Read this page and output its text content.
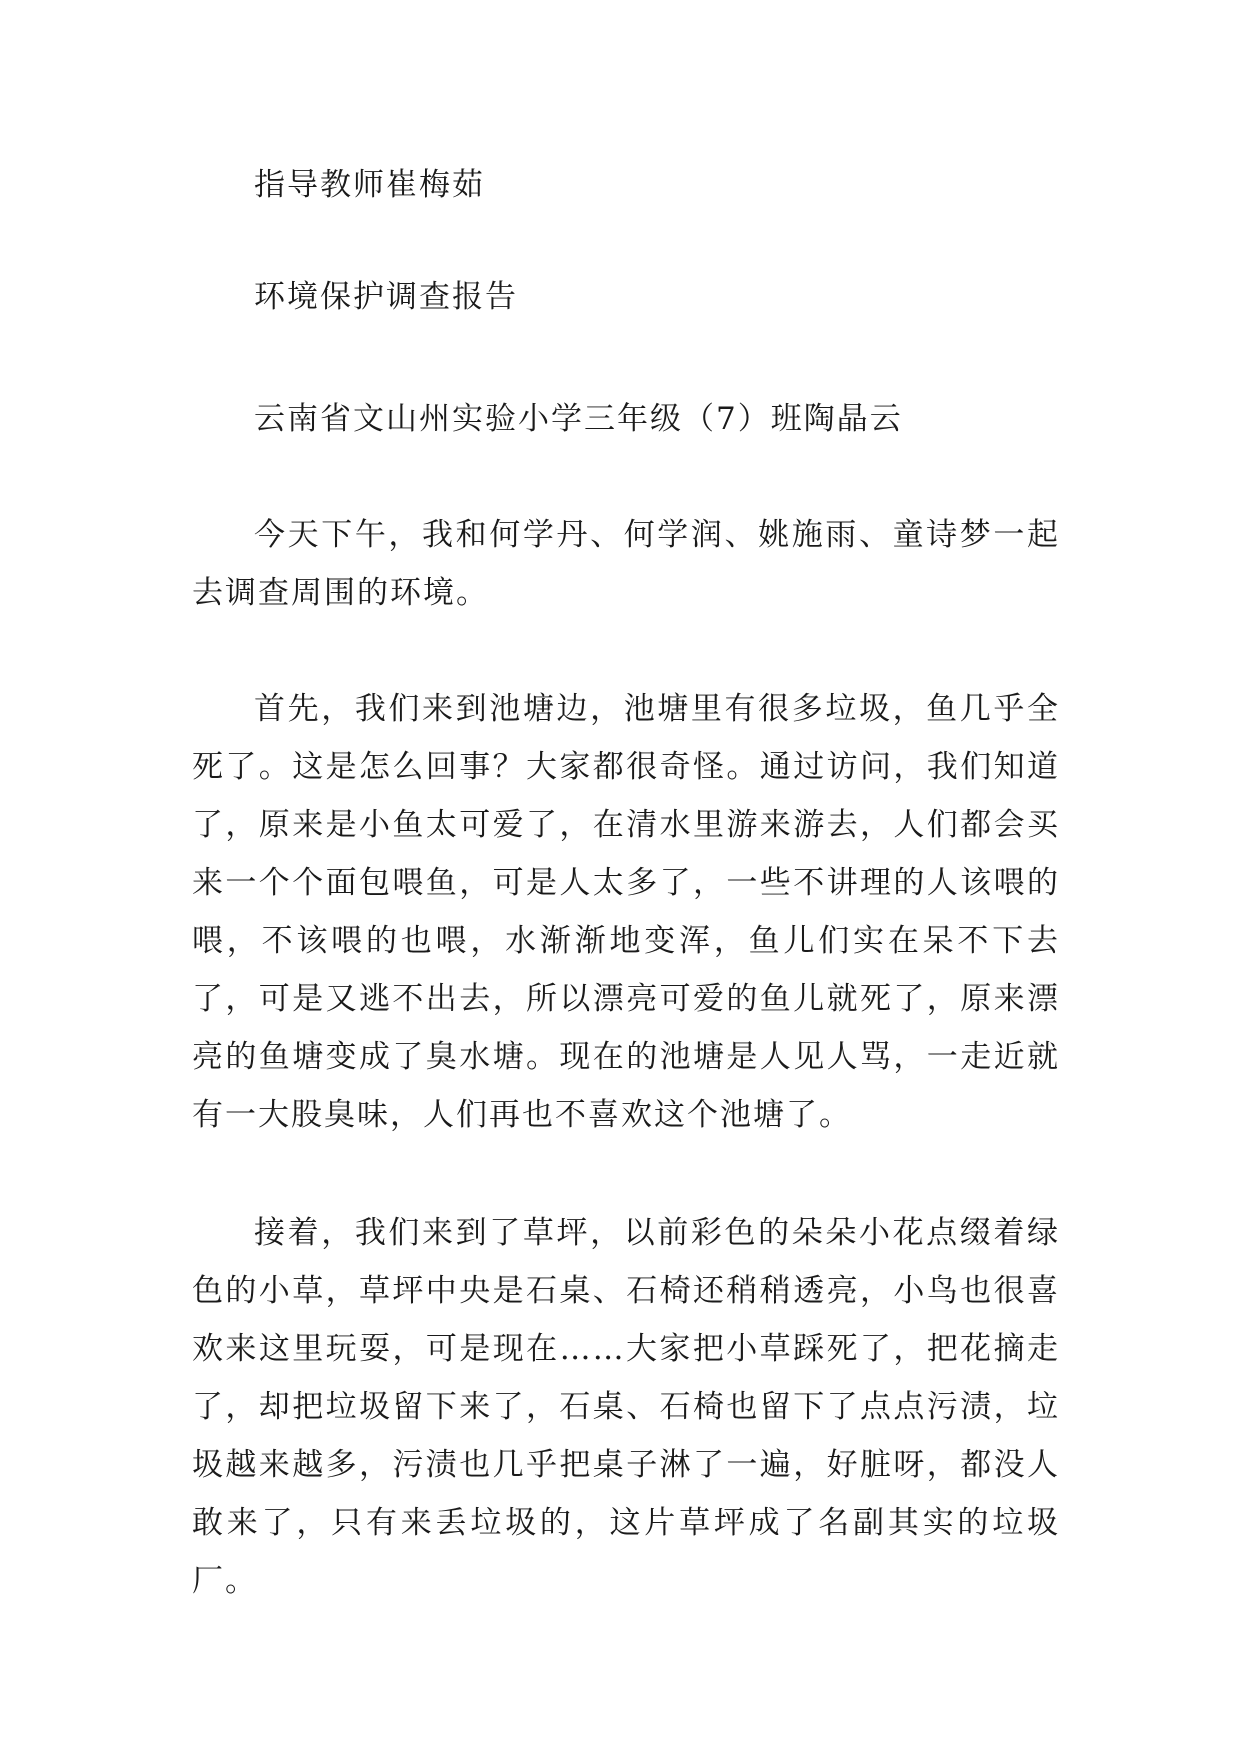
指导教师崔梅茹

环境保护调查报告

云南省文山州实验小学三年级（7）班陶晶云

今天下午，我和何学丹、何学润、姚施雨、童诗梦一起去调查周围的环境。

首先，我们来到池塘边，池塘里有很多垃圾，鱼几乎全死了。这是怎么回事？大家都很奇怪。通过访问，我们知道了，原来是小鱼太可爱了，在清水里游来游去，人们都会买来一个个面包喂鱼，可是人太多了，一些不讲理的人该喂的喂，不该喂的也喂，水渐渐地变浑，鱼儿们实在呆不下去了，可是又逃不出去，所以漂亮可爱的鱼儿就死了，原来漂亮的鱼塘变成了臭水塘。现在的池塘是人见人骂，一走近就有一大股臭味，人们再也不喜欢这个池塘了。

接着，我们来到了草坪，以前彩色的朵朵小花点缀着绿色的小草，草坪中央是石桌、石椅还稍稍透亮，小鸟也很喜欢来这里玩耍，可是现在……大家把小草踩死了，把花摘走了，却把垃圾留下来了，石桌、石椅也留下了点点污渍，垃圾越来越多，污渍也几乎把桌子淋了一遍，好脏呀，都没人敢来了，只有来丢垃圾的，这片草坪成了名副其实的垃圾厂。
